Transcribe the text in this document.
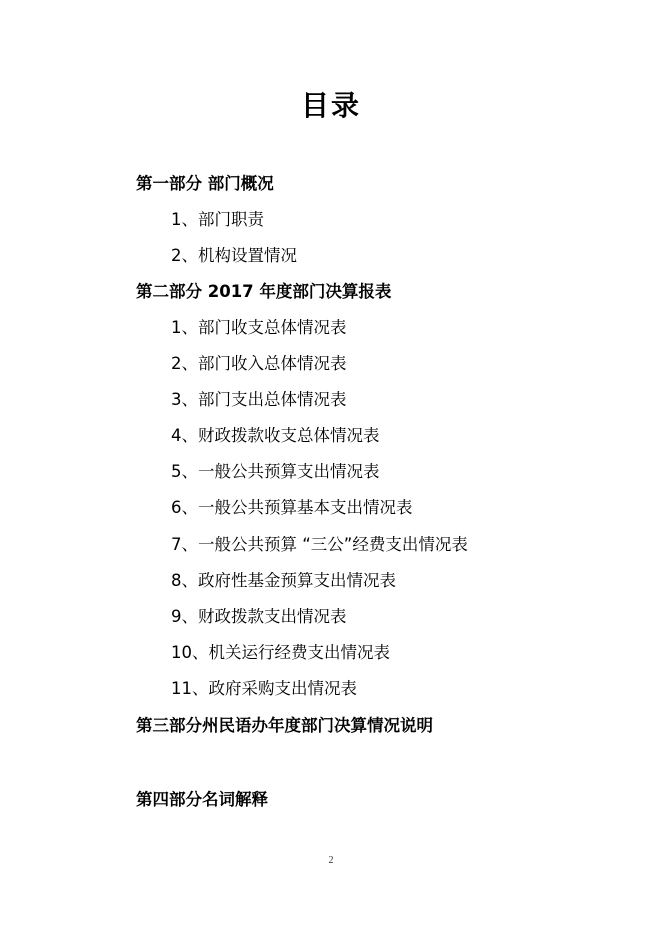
目录
第一部分 部门概况
1、部门职责
2、机构设置情况
第二部分 2017 年度部门决算报表
1、部门收支总体情况表
2、部门收入总体情况表
3、部门支出总体情况表
4、财政拨款收支总体情况表
5、一般公共预算支出情况表
6、一般公共预算基本支出情况表
7、一般公共预算 “三公”经费支出情况表
8、政府性基金预算支出情况表
9、财政拨款支出情况表
10、机关运行经费支出情况表
11、政府采购支出情况表
第三部分州民语办年度部门决算情况说明
第四部分名词解释
2
